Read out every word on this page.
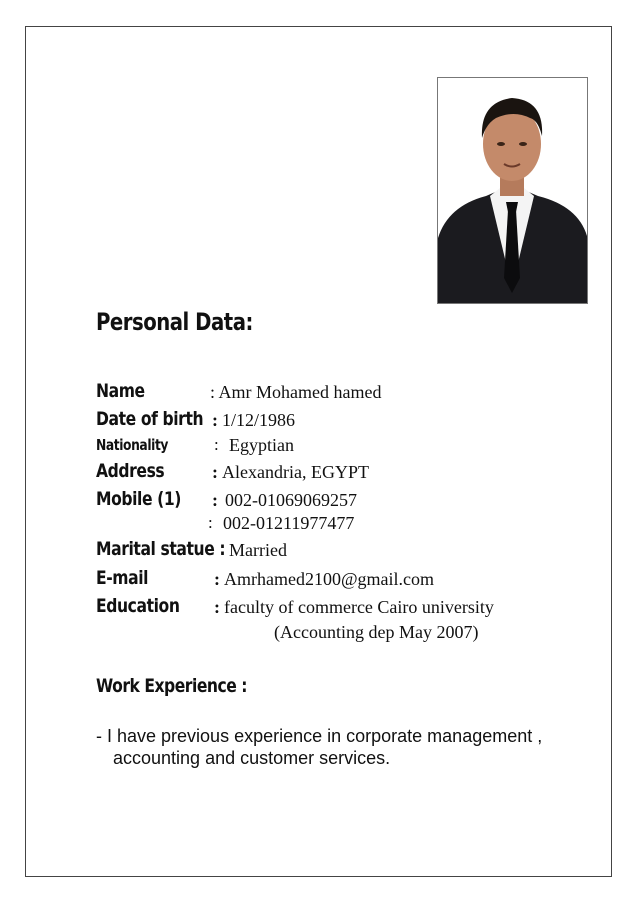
Personal Data:
Name	: Amr Mohamed hamed
Date of birth : 1/12/1986
Nationality	: Egyptian
Address	: Alexandria, EGYPT
Mobile (1) : 002-01069069257
: 002-01211977477
Marital statue : Married
E-mail	: Amrhamed2100@gmail.com
Education : faculty of commerce Cairo university
(Accounting dep May 2007)
Work Experience :
- I have previous experience in corporate management ,
accounting and customer services.
